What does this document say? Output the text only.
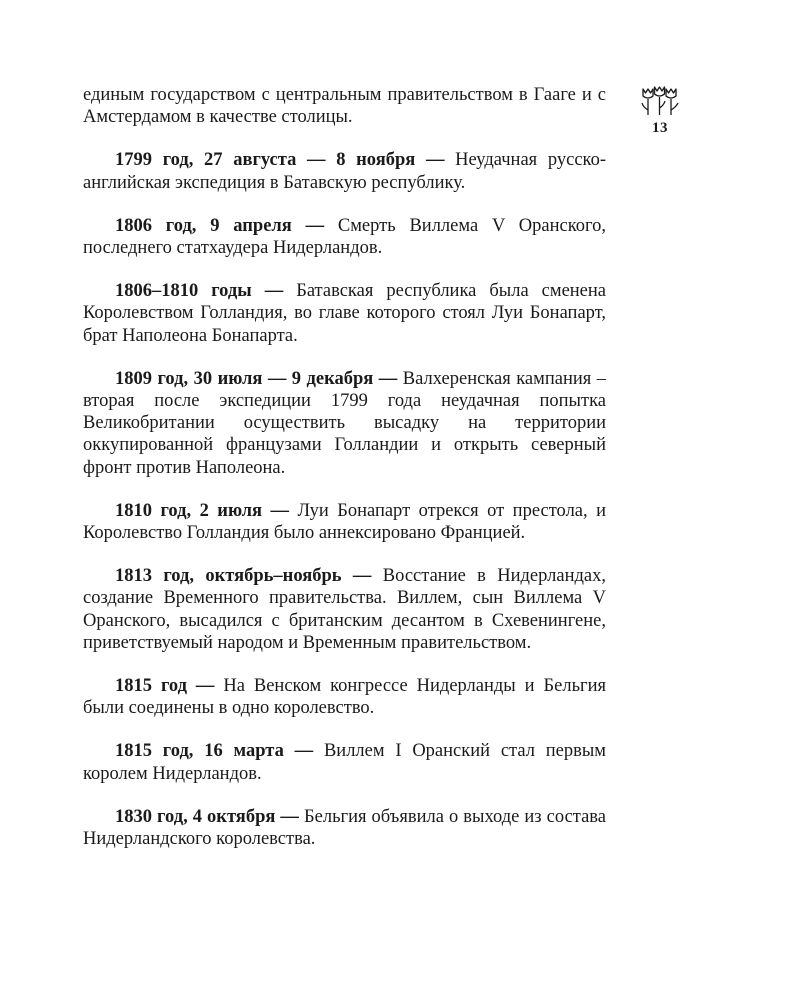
единым государством с центральным правительством в Гааге и с Амстердамом в качестве столицы.

1799 год, 27 августа — 8 ноября — Неудачная русско-английская экспедиция в Батавскую республику.

1806 год, 9 апреля — Смерть Виллема V Оранского, последнего статхаудера Нидерландов.

1806–1810 годы — Батавская республика была сменена Королевством Голландия, во главе которого стоял Луи Бонапарт, брат Наполеона Бонапарта.

1809 год, 30 июля — 9 декабря — Валхеренская кампания – вторая после экспедиции 1799 года неудачная попытка Великобритании осуществить высадку на территории оккупированной французами Голландии и открыть северный фронт против Наполеона.

1810 год, 2 июля — Луи Бонапарт отрекся от престола, и Королевство Голландия было аннексировано Францией.

1813 год, октябрь–ноябрь — Восстание в Нидерландах, создание Временного правительства. Виллем, сын Виллема V Оранского, высадился с британским десантом в Схевенингене, приветствуемый народом и Временным правительством.

1815 год — На Венском конгрессе Нидерланды и Бельгия были соединены в одно королевство.

1815 год, 16 марта — Виллем I Оранский стал первым королем Нидерландов.

1830 год, 4 октября — Бельгия объявила о выходе из состава Нидерландского королевства.

13
